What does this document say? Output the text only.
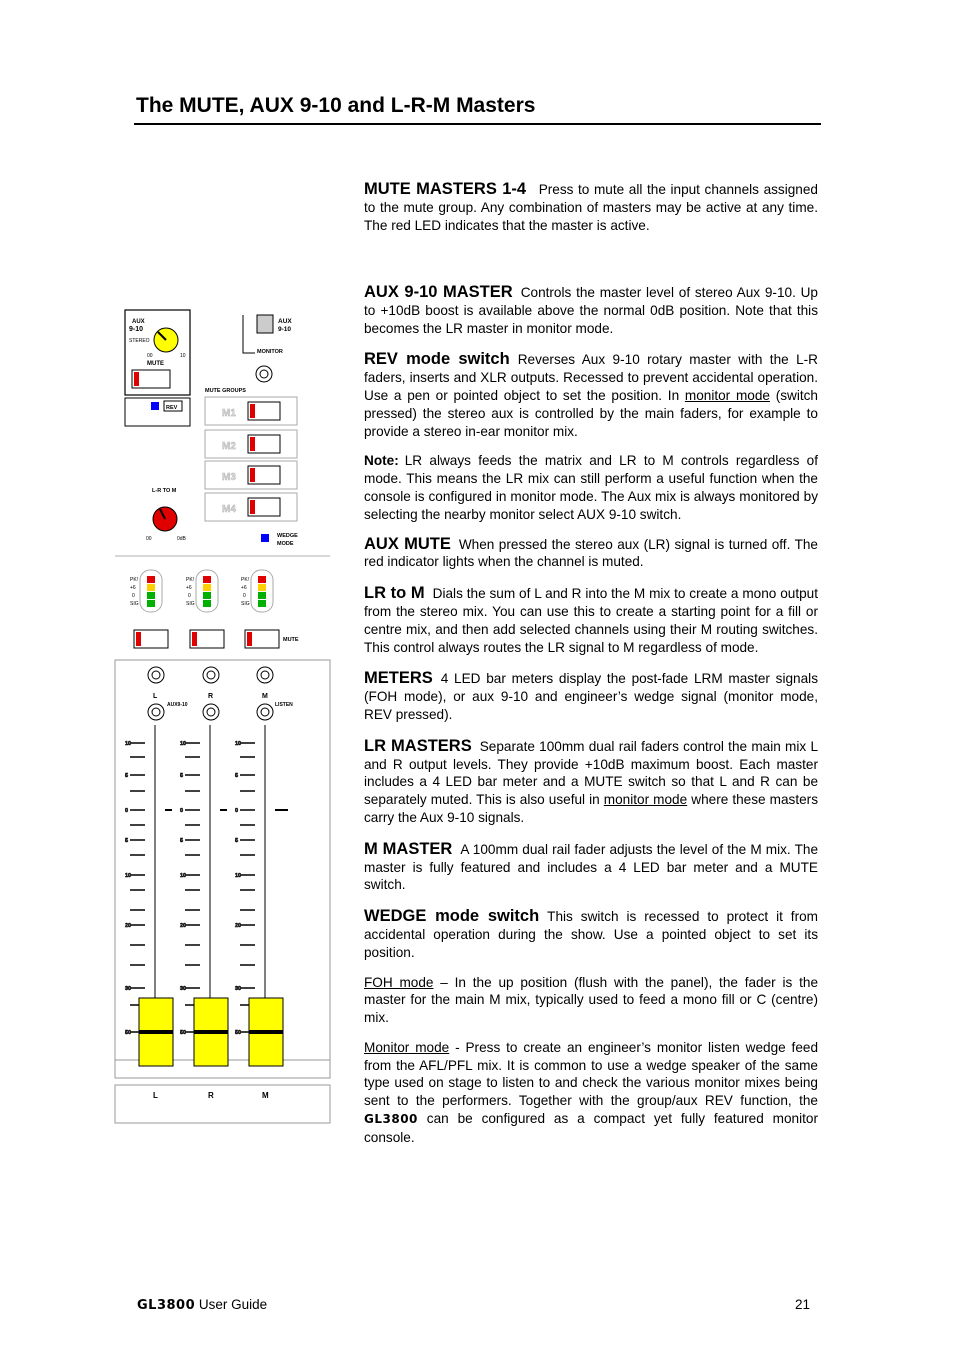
The MUTE, AUX 9-10 and L-R-M Masters

MUTE MASTERS 1-4 Press to mute all the input channels assigned to the mute group. Any combination of masters may be active at any time. The red LED indicates that the master is active.

AUX 9-10 MASTER Controls the master level of stereo Aux 9-10. Up to +10dB boost is available above the normal 0dB position. Note that this becomes the LR master in monitor mode.

REV mode switch Reverses Aux 9-10 rotary master with the L-R faders, inserts and XLR outputs. Recessed to prevent accidental operation. Use a pen or pointed object to set the position. In monitor mode (switch pressed) the stereo aux is controlled by the main faders, for example to provide a stereo in-ear monitor mix.

Note: LR always feeds the matrix and LR to M controls regardless of mode. This means the LR mix can still perform a useful function when the console is configured in monitor mode. The Aux mix is always monitored by selecting the nearby monitor select AUX 9-10 switch.

AUX MUTE When pressed the stereo aux (LR) signal is turned off. The red indicator lights when the channel is muted.

LR to M Dials the sum of L and R into the M mix to create a mono output from the stereo mix. You can use this to create a starting point for a fill or centre mix, and then add selected channels using their M routing switches. This control always routes the LR signal to M regardless of mode.

METERS 4 LED bar meters display the post-fade LRM master signals (FOH mode), or aux 9-10 and engineer’s wedge signal (monitor mode, REV pressed).

LR MASTERS Separate 100mm dual rail faders control the main mix L and R output levels. They provide +10dB maximum boost. Each master includes a 4 LED bar meter and a MUTE switch so that L and R can be separately muted. This is also useful in monitor mode where these masters carry the Aux 9-10 signals.

M MASTER A 100mm dual rail fader adjusts the level of the M mix. The master is fully featured and includes a 4 LED bar meter and a MUTE switch.

WEDGE mode switch This switch is recessed to protect it from accidental operation during the show. Use a pointed object to set its position.

FOH mode – In the up position (flush with the panel), the fader is the master for the main M mix, typically used to feed a mono fill or C (centre) mix.

Monitor mode - Press to create an engineer’s monitor listen wedge feed from the AFL/PFL mix. It is common to use a wedge speaker of the same type used on stage to listen to and check the various monitor mixes being sent to the performers. Together with the group/aux REV function, the GL3800 can be configured as a compact yet fully featured monitor console.

GL3800 User Guide	21
AUX
9-10
STEREO
00	10
MUTE
REV
AUX
9-10
MONITOR
MUTE GROUPS
M1
M2
M3
M4
L-R TO M
00	0dB	WEDGE
MODE
PK!
+6
0
SIG
PK!
+6
0
SIG
PK!
+6
0
SIG
MUTE
L	R	M
AUX9-10	LISTEN
10
5
0
5
10
20
30
50
10
5
0
5
10
20
30
50
10
5
0
5
10
20
30
50
L	R	M
